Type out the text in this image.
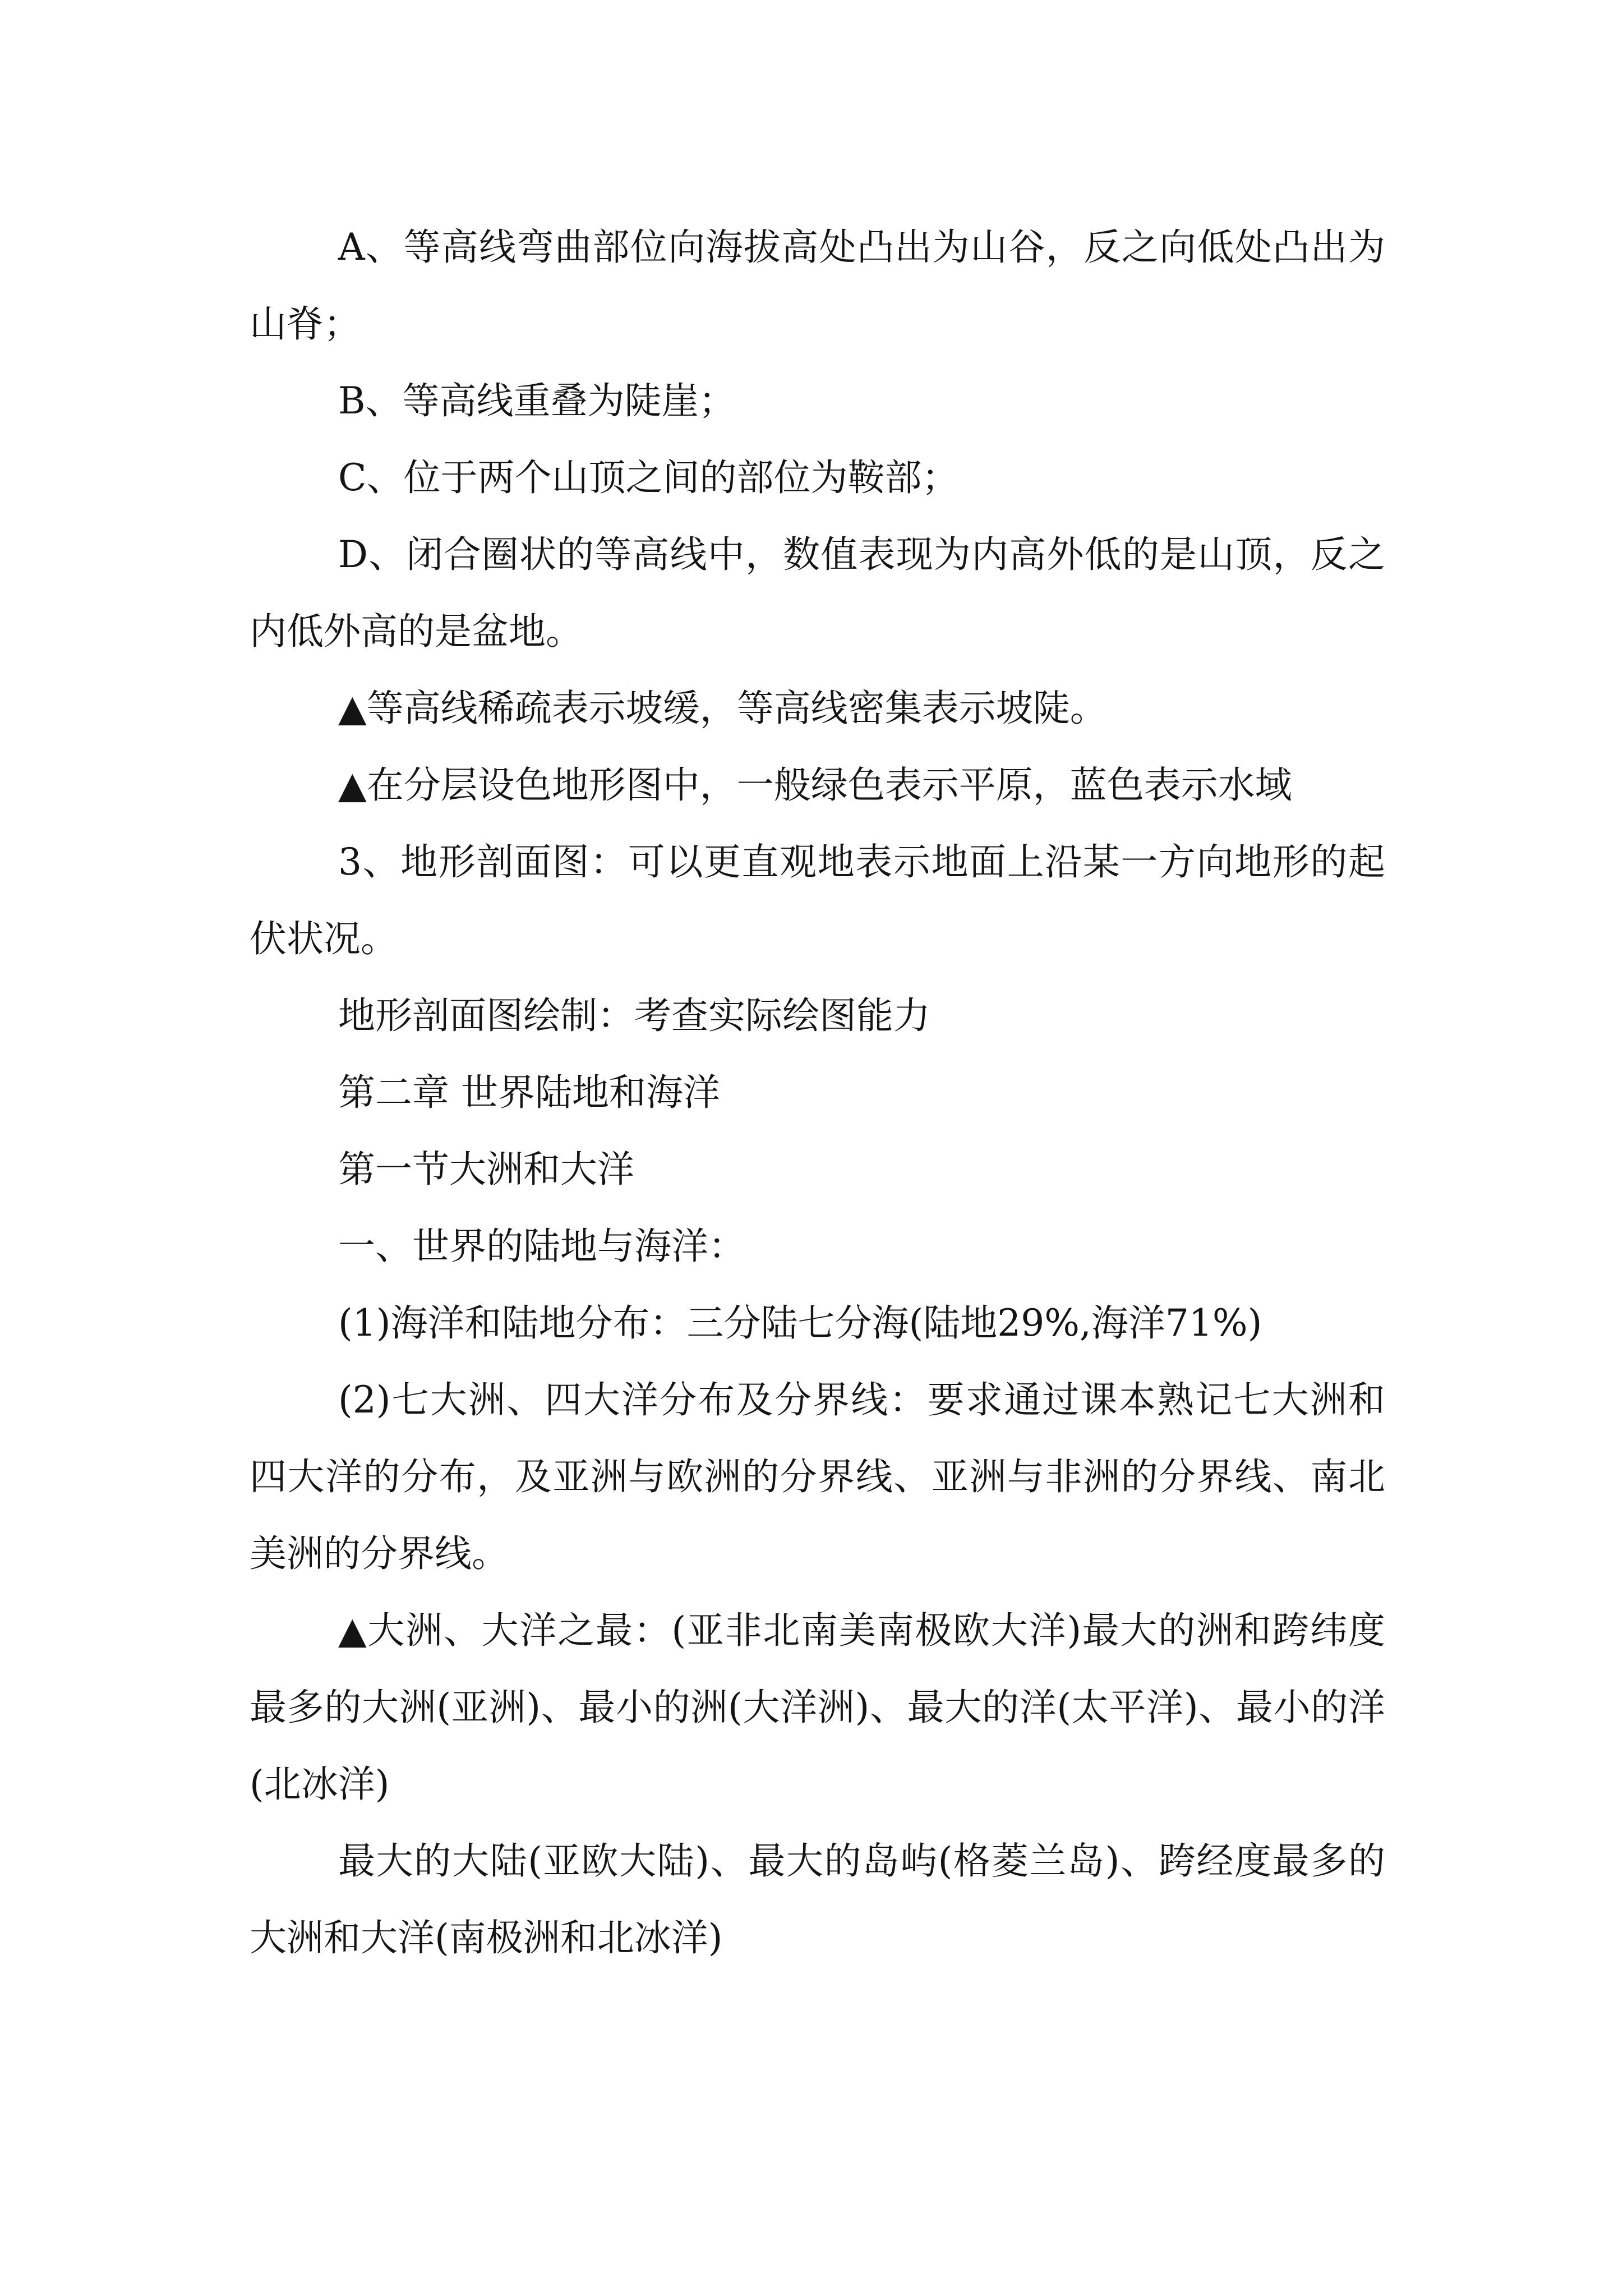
A、等高线弯曲部位向海拔高处凸出为山谷，反之向低处凸出为山脊；

B、等高线重叠为陡崖；

C、位于两个山顶之间的部位为鞍部；

D、闭合圈状的等高线中，数值表现为内高外低的是山顶，反之内低外高的是盆地。

▲等高线稀疏表示坡缓，等高线密集表示坡陡。

▲在分层设色地形图中，一般绿色表示平原，蓝色表示水域

3、地形剖面图：可以更直观地表示地面上沿某一方向地形的起伏状况。

地形剖面图绘制：考查实际绘图能力

第二章 世界陆地和海洋

第一节大洲和大洋

一、世界的陆地与海洋：

(1)海洋和陆地分布：三分陆七分海(陆地29%,海洋71%)

(2)七大洲、四大洋分布及分界线：要求通过课本熟记七大洲和四大洋的分布，及亚洲与欧洲的分界线、亚洲与非洲的分界线、南北美洲的分界线。

▲大洲、大洋之最：(亚非北南美南极欧大洋)最大的洲和跨纬度最多的大洲(亚洲)、最小的洲(大洋洲)、最大的洋(太平洋)、最小的洋(北冰洋)

最大的大陆(亚欧大陆)、最大的岛屿(格菱兰岛)、跨经度最多的大洲和大洋(南极洲和北冰洋)
